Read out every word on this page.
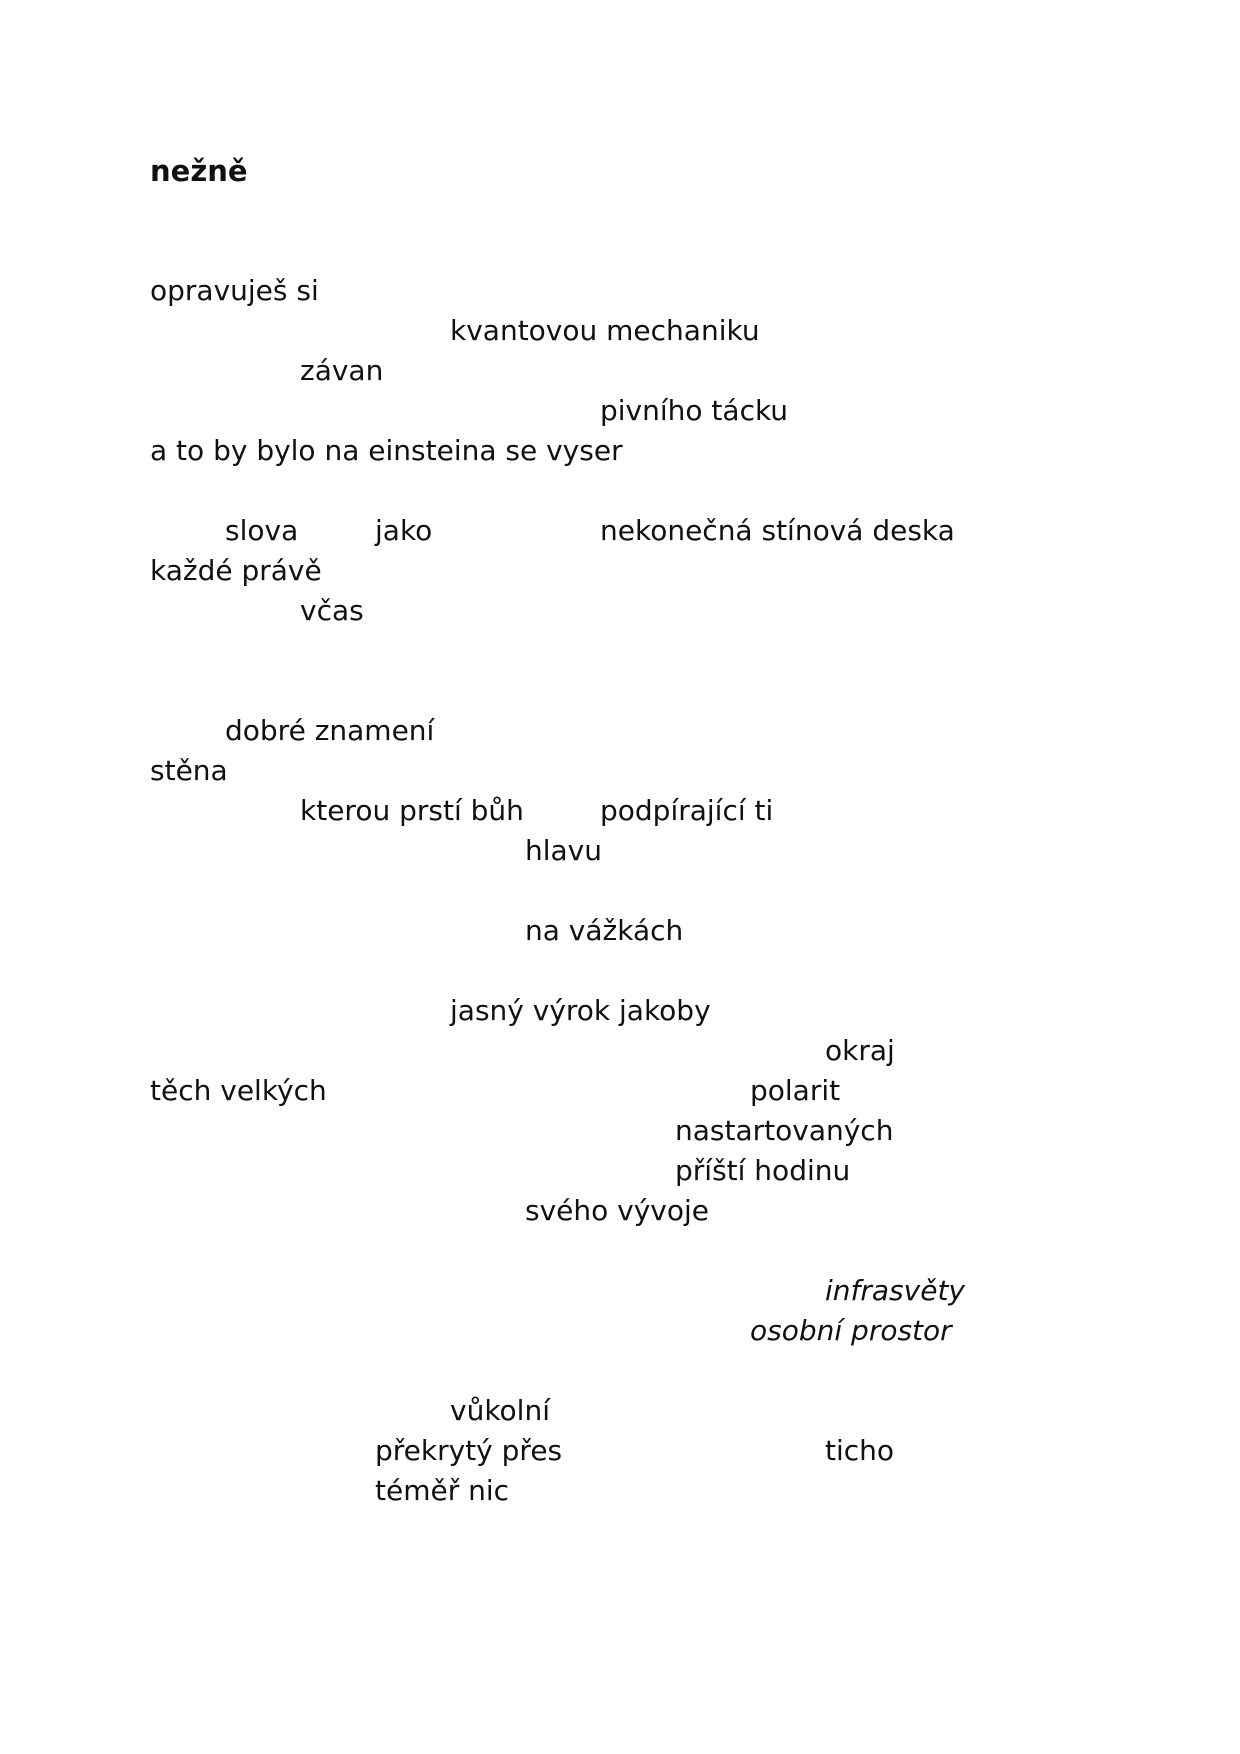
nežně
opravuješ si
kvantovou mechaniku
závan
pivního tácku
a to by bylo na einsteina se vyser
slova	jako	nekonečná stínová deska
každé právě
včas
dobré znamení
stěna
kterou prstí bůh	podpírající ti
hlavu
na vážkách
jasný výrok jakoby
okraj
těch velkých	polarit
nastartovaných
příští hodinu
svého vývoje
infrasvěty
osobní prostor
vůkolní
překrytý přes	ticho
téměř nic
